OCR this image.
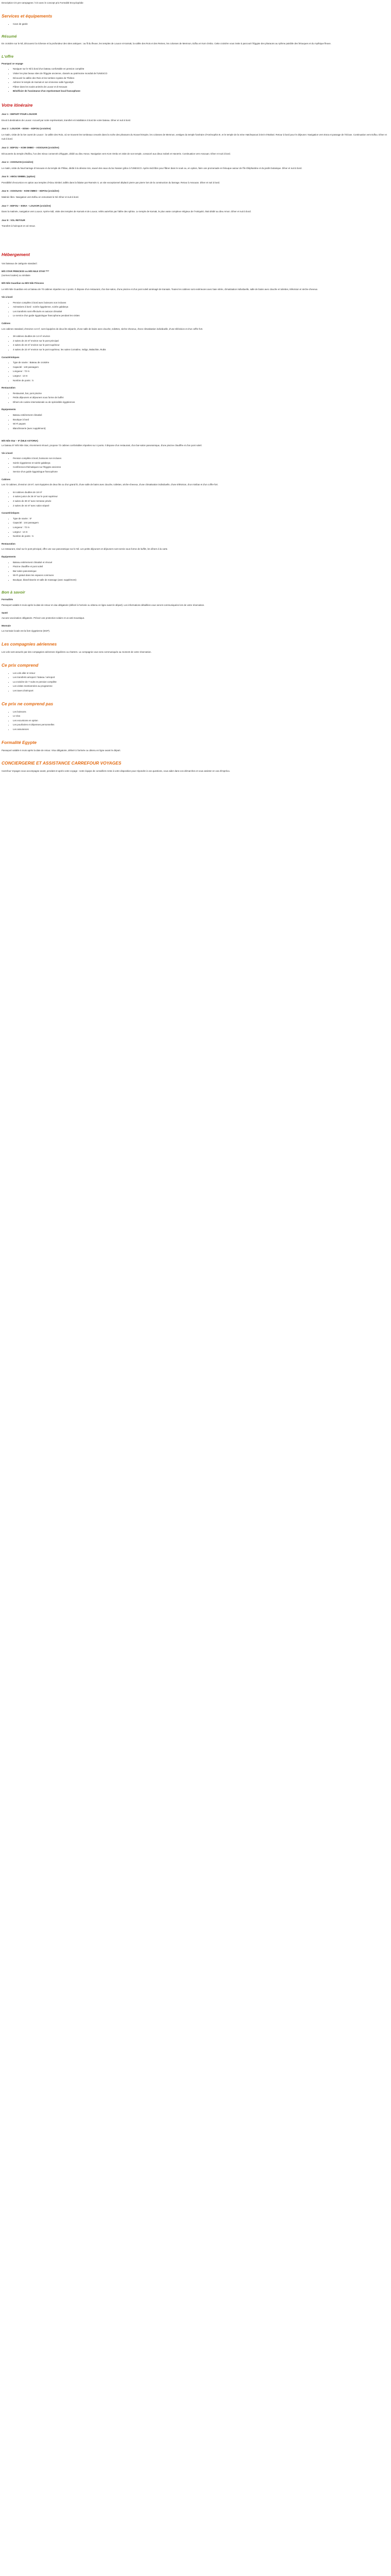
Description CG pre-campagnes / CG avec le concept prix Formalité Encyclopédie

Services et équipements
• Cave de garde
Résumé

En croisière sur le Nil, découvrez la richesse et la profondeur des sites antiques : au fil du fleuve, les temples de Louxor et Karnak, la vallée des Rois et des Reines, les colosses de Memnon, Edfou et Kom Ombo. Cette croisière vous invite à parcourir l'Égypte des pharaons au rythme paisible des felouques et du mythique fleuve.

L'offre
Pourquoi ce voyage
• Naviguer sur le Nil à bord d'un bateau confortable en pension complète
• Visiter les plus beaux sites de l'Égypte ancienne, classés au patrimoine mondial de l'UNESCO
• Découvrir la vallée des Rois et les tombes royales de Thèbes
• Admirer le temple de Karnak et son immense salle hypostyle
• Flâner dans les souks animés de Louxor et d'Assouan
• Bénéficier de l'assistance d'un représentant local francophone
Votre itinéraire
Jour 1 : DEPART POUR LOUXOR

Envol à destination de Louxor. Accueil par notre représentant, transfert et installation à bord de votre bateau. Dîner et nuit à bord.

Jour 2 : LOUXOR – ESNA – EDFOU (croisière)

Le matin, visite de la rive ouest de Louxor : la vallée des Rois, où se trouvent les tombeaux creusés dans la roche des pharaons du Nouvel Empire, les colosses de Memnon, vestiges du temple funéraire d'Aménophis III, et le temple de la reine Hatchepsout à Deir el-Bahari. Retour à bord pour le déjeuner. Navigation vers Esna et passage de l'écluse. Continuation vers Edfou. Dîner et nuit à bord.

Jour 3 : EDFOU – KOM OMBO – ASSOUAN (croisière)

Découverte du temple d'Edfou, l'un des mieux conservés d'Égypte, dédié au dieu Horus. Navigation vers Kom Ombo et visite de son temple, consacré aux dieux Sobek et Haroëris. Continuation vers Assouan. Dîner et nuit à bord.

Jour 4 : ASSOUAN (croisière)

Le matin, visite du haut barrage d'Assouan et du temple de Philae, dédié à la déesse Isis, sauvé des eaux du lac Nasser grâce à l'UNESCO. Après-midi libre pour flâner dans le souk ou, en option, faire une promenade en felouque autour de l'île Éléphantine et du jardin botanique. Dîner et nuit à bord.

Jour 5 : ABOU SIMBEL (option)

Possibilité d'excursion en option aux temples d'Abou Simbel, taillés dans la falaise par Ramsès II, un site exceptionnel déplacé pierre par pierre lors de la construction du barrage. Retour à Assouan. Dîner et nuit à bord.

Jour 6 : ASSOUAN – KOM OMBO – EDFOU (croisière)

Matinée libre. Navigation vers Edfou en remontant le Nil. Dîner et nuit à bord.

Jour 7 : EDFOU – ESNA – LOUXOR (croisière)

Dans la matinée, navigation vers Louxor. Après-midi, visite des temples de Karnak et de Louxor, reliés autrefois par l'allée des sphinx. Le temple de Karnak, le plus vaste complexe religieux de l'Antiquité, était dédié au dieu Amon. Dîner et nuit à bord.

Jour 8 : VOL RETOUR

Transfert à l'aéroport et vol retour.

Hébergement

Vos bateaux de catégorie standard :

M/S STAR PRINCESS ou M/S NILE STAR ****

(normes locales) ou similaire

M/S Nile Guardian ou M/S Nile Princess

Le M/S Nile Guardian est un bateau de 70 cabines réparties sur 4 ponts. Il dispose d'un restaurant, d'un bar-salon, d'une piscine et d'un pont soleil aménagé de transats. Toutes les cabines sont extérieures avec baie vitrée, climatisation individuelle, salle de bains avec douche et toilettes, télévision et sèche-cheveux.

Vie à bord
• Pension complète à bord avec boissons non incluses
• Animations à bord : soirée égyptienne, soirée galabeya
• Les transferts sont effectués en autocar climatisé
• Le service d'un guide égyptologue francophone pendant les visites
Cabines

Les cabines standard, d'environ 14 m², sont équipées de deux lits séparés, d'une salle de bains avec douche, toilettes, sèche-cheveux, d'une climatisation individuelle, d'une télévision et d'un coffre-fort.

• 38 cabines doubles de 14 m² environ
• 2 suites de 24 m² environ sur le pont principal
• 4 suites de 24 m² environ sur le pont supérieur
• 4 suites de 22 m² environ sur le pont supérieur, les suites Cornaline, Indigo, Malachite, Rubis
Caractéristiques
• Type de navire : Bateau de croisière
• Capacité : 140 passagers
• Longueur : 72 m
• Largeur : 13 m
• Nombre de ponts : 5
Restauration
• Restaurant, bar, pont piscine
• Petits déjeuners et déjeuners sous forme de buffet
• Dîners de cuisine internationale ou de spécialités égyptiennes
Équipements
• Bateau entièrement climatisé
• Boutique à bord
• Wi-Fi payant
• Blanchisserie (avec supplément)
M/S Nile Star – 5* (NILE ASTORIA)

Le bateau 5* M/S Nile Star, récemment rénové, propose 72 cabines confortables réparties sur 4 ponts. Il dispose d'un restaurant, d'un bar-salon panoramique, d'une piscine chauffée et d'un pont soleil.

Vie à bord
• Pension complète à bord, boissons non incluses
• Soirée égyptienne et soirée galabeya
• Conférences thématiques sur l'Égypte ancienne
• Service d'un guide égyptologue francophone
Cabines

Les 72 cabines, d'environ 18 m², sont équipées de deux lits ou d'un grand lit, d'une salle de bains avec douche, toilettes, sèche-cheveux, d'une climatisation individuelle, d'une télévision, d'un minibar et d'un coffre-fort.

• 64 cabines doubles de 18 m²
• 4 suites junior de 26 m² sur le pont supérieur
• 2 suites de 30 m² avec terrasse privée
• 2 suites de 44 m² avec salon séparé
Caractéristiques
• Type de navire : 5*
• Capacité : 144 passagers
• Longueur : 72 m
• Largeur : 14 m
• Nombre de ponts : 5
Restauration

Le restaurant, situé sur le pont principal, offre une vue panoramique sur le Nil. Les petits déjeuners et déjeuners sont servis sous forme de buffet, les dîners à la carte.

Équipements
• Bateau entièrement climatisé et rénové
• Piscine chauffée et pont soleil
• Bar-salon panoramique
• Wi-Fi gratuit dans les espaces communs
• Boutique, blanchisserie et salle de massage (avec supplément)
Bon à savoir
Formalités

Passeport valable 6 mois après la date de retour et visa obligatoire (délivré à l'arrivée ou obtenu en ligne avant le départ). Les informations détaillées vous seront communiquées lors de votre réservation.

Santé

Aucune vaccination obligatoire. Prévoir une protection solaire et un anti-moustique.

Monnaie

La monnaie locale est la livre égyptienne (EGP).

Les compagnies aériennes

Les vols sont assurés par des compagnies aériennes régulières ou charters. La compagnie vous sera communiquée au moment de votre réservation.

Ce prix comprend
• Les vols aller et retour
• Les transferts aéroport / bateau / aéroport
• La croisière de 7 nuits en pension complète
• Les visites mentionnées au programme
• Les taxes d'aéroport
Ce prix ne comprend pas
• Les boissons
• Le visa
• Les excursions en option
• Les pourboires et dépenses personnelles
• Les assurances
Formalité Egypte

Passeport valable 6 mois après la date de retour. Visa obligatoire, délivré à l'arrivée ou obtenu en ligne avant le départ.

CONCIERGERIE ET ASSISTANCE CARREFOUR VOYAGES

Carrefour Voyages vous accompagne avant, pendant et après votre voyage : notre équipe de conseillers reste à votre disposition pour répondre à vos questions, vous aider dans vos démarches et vous assister en cas d'imprévu.
